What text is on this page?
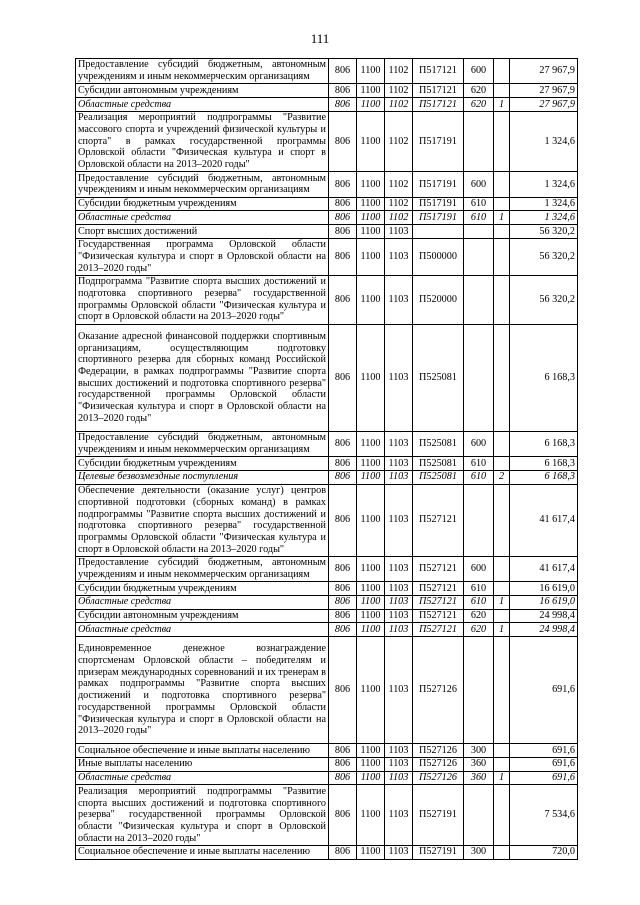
111
Предоставление субсидий бюджетным, автономным учреждениям и иным некоммерческим организациям	806	1100	1102	П517121	600		27 967,9
Субсидии автономным учреждениям	806	1100	1102	П517121	620		27 967,9
Областные средства	806	1100	1102	П517121	620	1	27 967,9
Реализация мероприятий подпрограммы "Развитие массового спорта и учреждений физической культуры и спорта" в рамках государственной программы Орловской области "Физическая культура и спорт в Орловской области на 2013–2020 годы"	806	1100	1102	П517191			1 324,6
Предоставление субсидий бюджетным, автономным учреждениям и иным некоммерческим организациям	806	1100	1102	П517191	600		1 324,6
Субсидии бюджетным учреждениям	806	1100	1102	П517191	610		1 324,6
Областные средства	806	1100	1102	П517191	610	1	1 324,6
Спорт высших достижений	806	1100	1103				56 320,2
Государственная программа Орловской области "Физическая культура и спорт в Орловской области на 2013–2020 годы"	806	1100	1103	П500000			56 320,2
Подпрограмма "Развитие спорта высших достижений и подготовка спортивного резерва" государственной программы Орловской области "Физическая культура и спорт в Орловской области на 2013–2020 годы"	806	1100	1103	П520000			56 320,2
Оказание адресной финансовой поддержки спортивным организациям, осуществляющим подготовку спортивного резерва для сборных команд Российской Федерации, в рамках подпрограммы "Развитие спорта высших достижений и подготовка спортивного резерва" государственной программы Орловской области "Физическая культура и спорт в Орловской области на 2013–2020 годы"	806	1100	1103	П525081			6 168,3
Предоставление субсидий бюджетным, автономным учреждениям и иным некоммерческим организациям	806	1100	1103	П525081	600		6 168,3
Субсидии бюджетным учреждениям	806	1100	1103	П525081	610		6 168,3
Целевые безвозмездные поступления	806	1100	1103	П525081	610	2	6 168,3
Обеспечение деятельности (оказание услуг) центров спортивной подготовки (сборных команд) в рамках подпрограммы "Развитие спорта высших достижений и подготовка спортивного резерва" государственной программы Орловской области "Физическая культура и спорт в Орловской области на 2013–2020 годы"	806	1100	1103	П527121			41 617,4
Предоставление субсидий бюджетным, автономным учреждениям и иным некоммерческим организациям	806	1100	1103	П527121	600		41 617,4
Субсидии бюджетным учреждениям	806	1100	1103	П527121	610		16 619,0
Областные средства	806	1100	1103	П527121	610	1	16 619,0
Субсидии автономным учреждениям	806	1100	1103	П527121	620		24 998,4
Областные средства	806	1100	1103	П527121	620	1	24 998,4
Единовременное денежное вознаграждение спортсменам Орловской области – победителям и призерам международных соревнований и их тренерам в рамках подпрограммы "Развитие спорта высших достижений и подготовка спортивного резерва" государственной программы Орловской области "Физическая культура и спорт в Орловской области на 2013–2020 годы"	806	1100	1103	П527126			691,6
Социальное обеспечение и иные выплаты населению	806	1100	1103	П527126	300		691,6
Иные выплаты населению	806	1100	1103	П527126	360		691,6
Областные средства	806	1100	1103	П527126	360	1	691,6
Реализация мероприятий подпрограммы "Развитие спорта высших достижений и подготовка спортивного резерва" государственной программы Орловской области "Физическая культура и спорт в Орловской области на 2013–2020 годы"	806	1100	1103	П527191			7 534,6
Социальное обеспечение и иные выплаты населению	806	1100	1103	П527191	300		720,0
